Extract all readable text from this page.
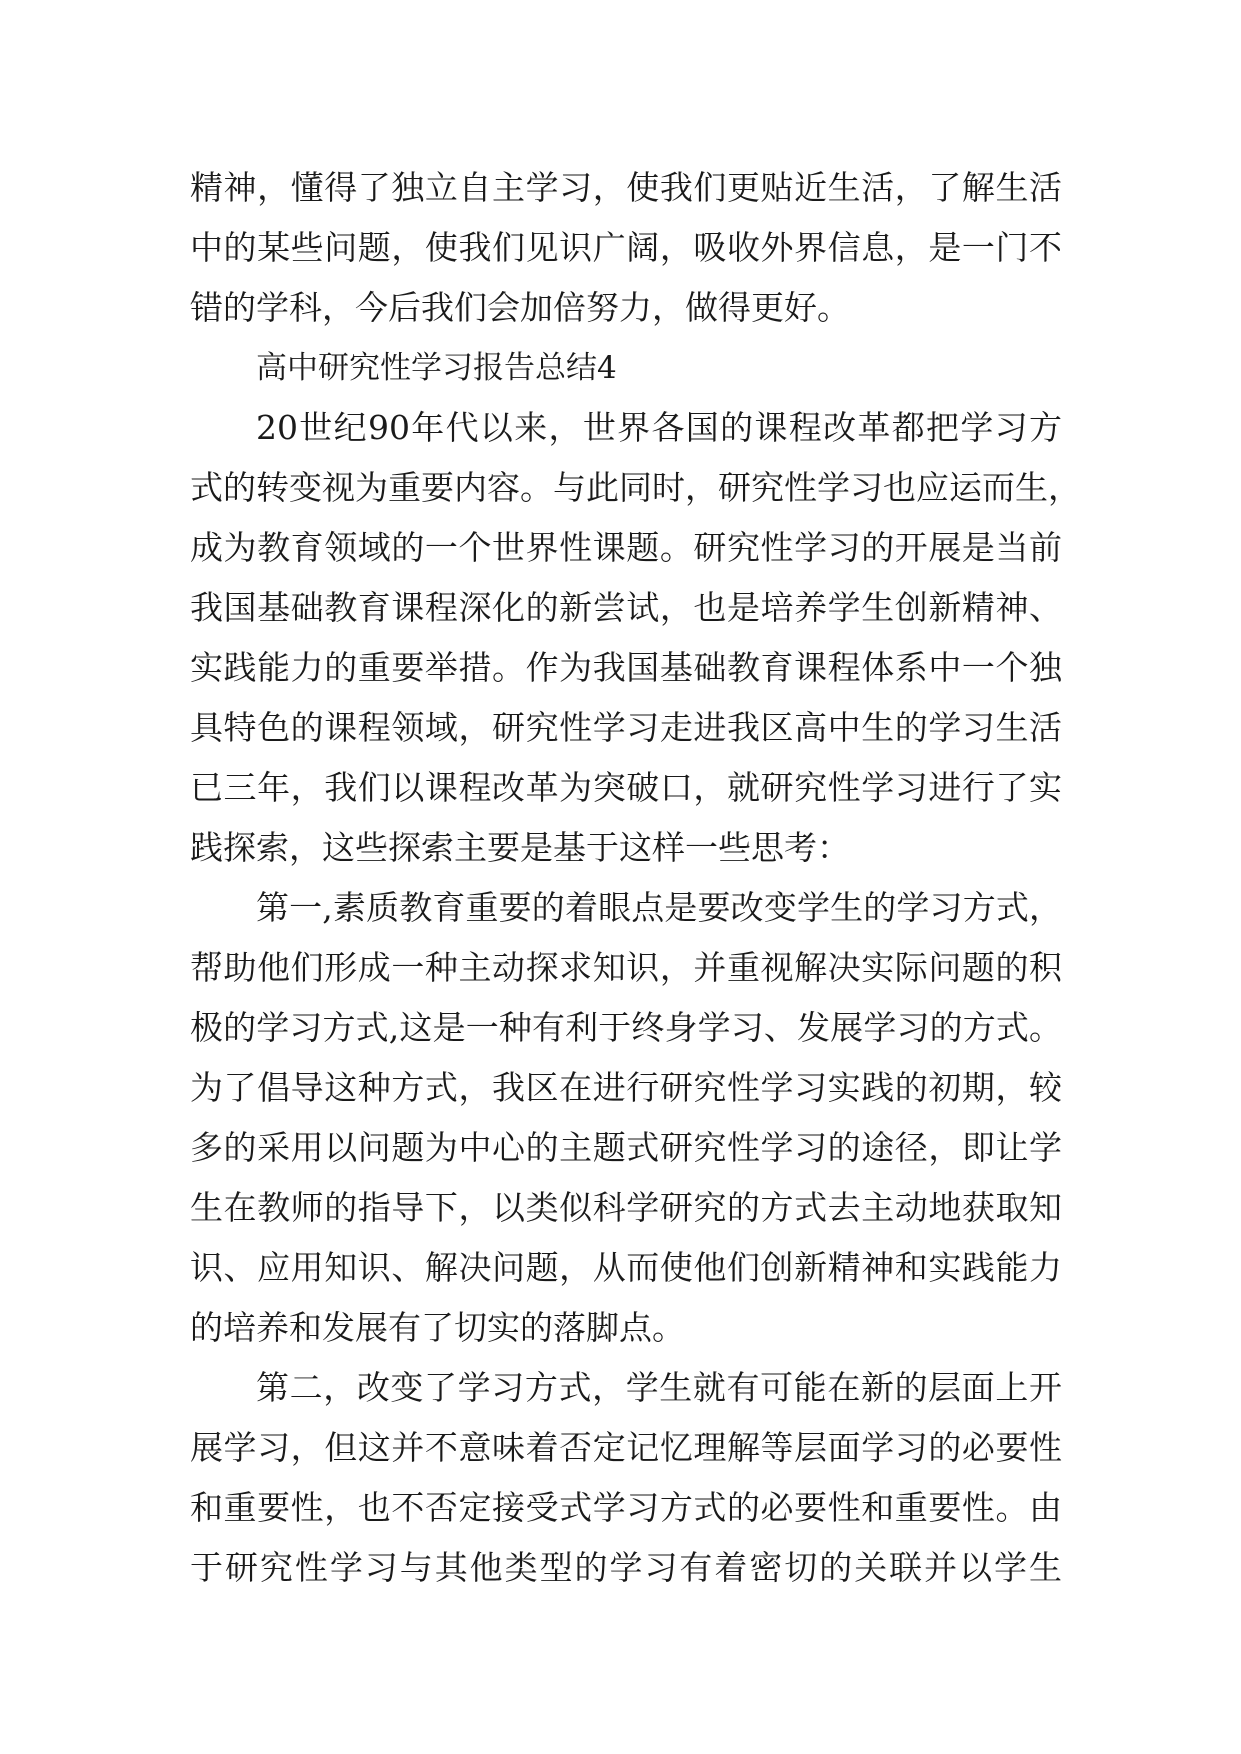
精神，懂得了独立自主学习，使我们更贴近生活，了解生活
中的某些问题，使我们见识广阔，吸收外界信息，是一门不
错的学科，今后我们会加倍努力，做得更好。
高中研究性学习报告总结4
20世纪90年代以来，世界各国的课程改革都把学习方
式的转变视为重要内容。与此同时，研究性学习也应运而生，
成为教育领域的一个世界性课题。研究性学习的开展是当前
我国基础教育课程深化的新尝试，也是培养学生创新精神、
实践能力的重要举措。作为我国基础教育课程体系中一个独
具特色的课程领域，研究性学习走进我区高中生的学习生活
已三年，我们以课程改革为突破口，就研究性学习进行了实
践探索，这些探索主要是基于这样一些思考：
第一,素质教育重要的着眼点是要改变学生的学习方式，
帮助他们形成一种主动探求知识，并重视解决实际问题的积
极的学习方式,这是一种有利于终身学习、发展学习的方式。
为了倡导这种方式，我区在进行研究性学习实践的初期，较
多的采用以问题为中心的主题式研究性学习的途径，即让学
生在教师的指导下，以类似科学研究的方式去主动地获取知
识、应用知识、解决问题，从而使他们创新精神和实践能力
的培养和发展有了切实的落脚点。
第二，改变了学习方式，学生就有可能在新的层面上开
展学习，但这并不意味着否定记忆理解等层面学习的必要性
和重要性，也不否定接受式学习方式的必要性和重要性。由
于研究性学习与其他类型的学习有着密切的关联并以学生
